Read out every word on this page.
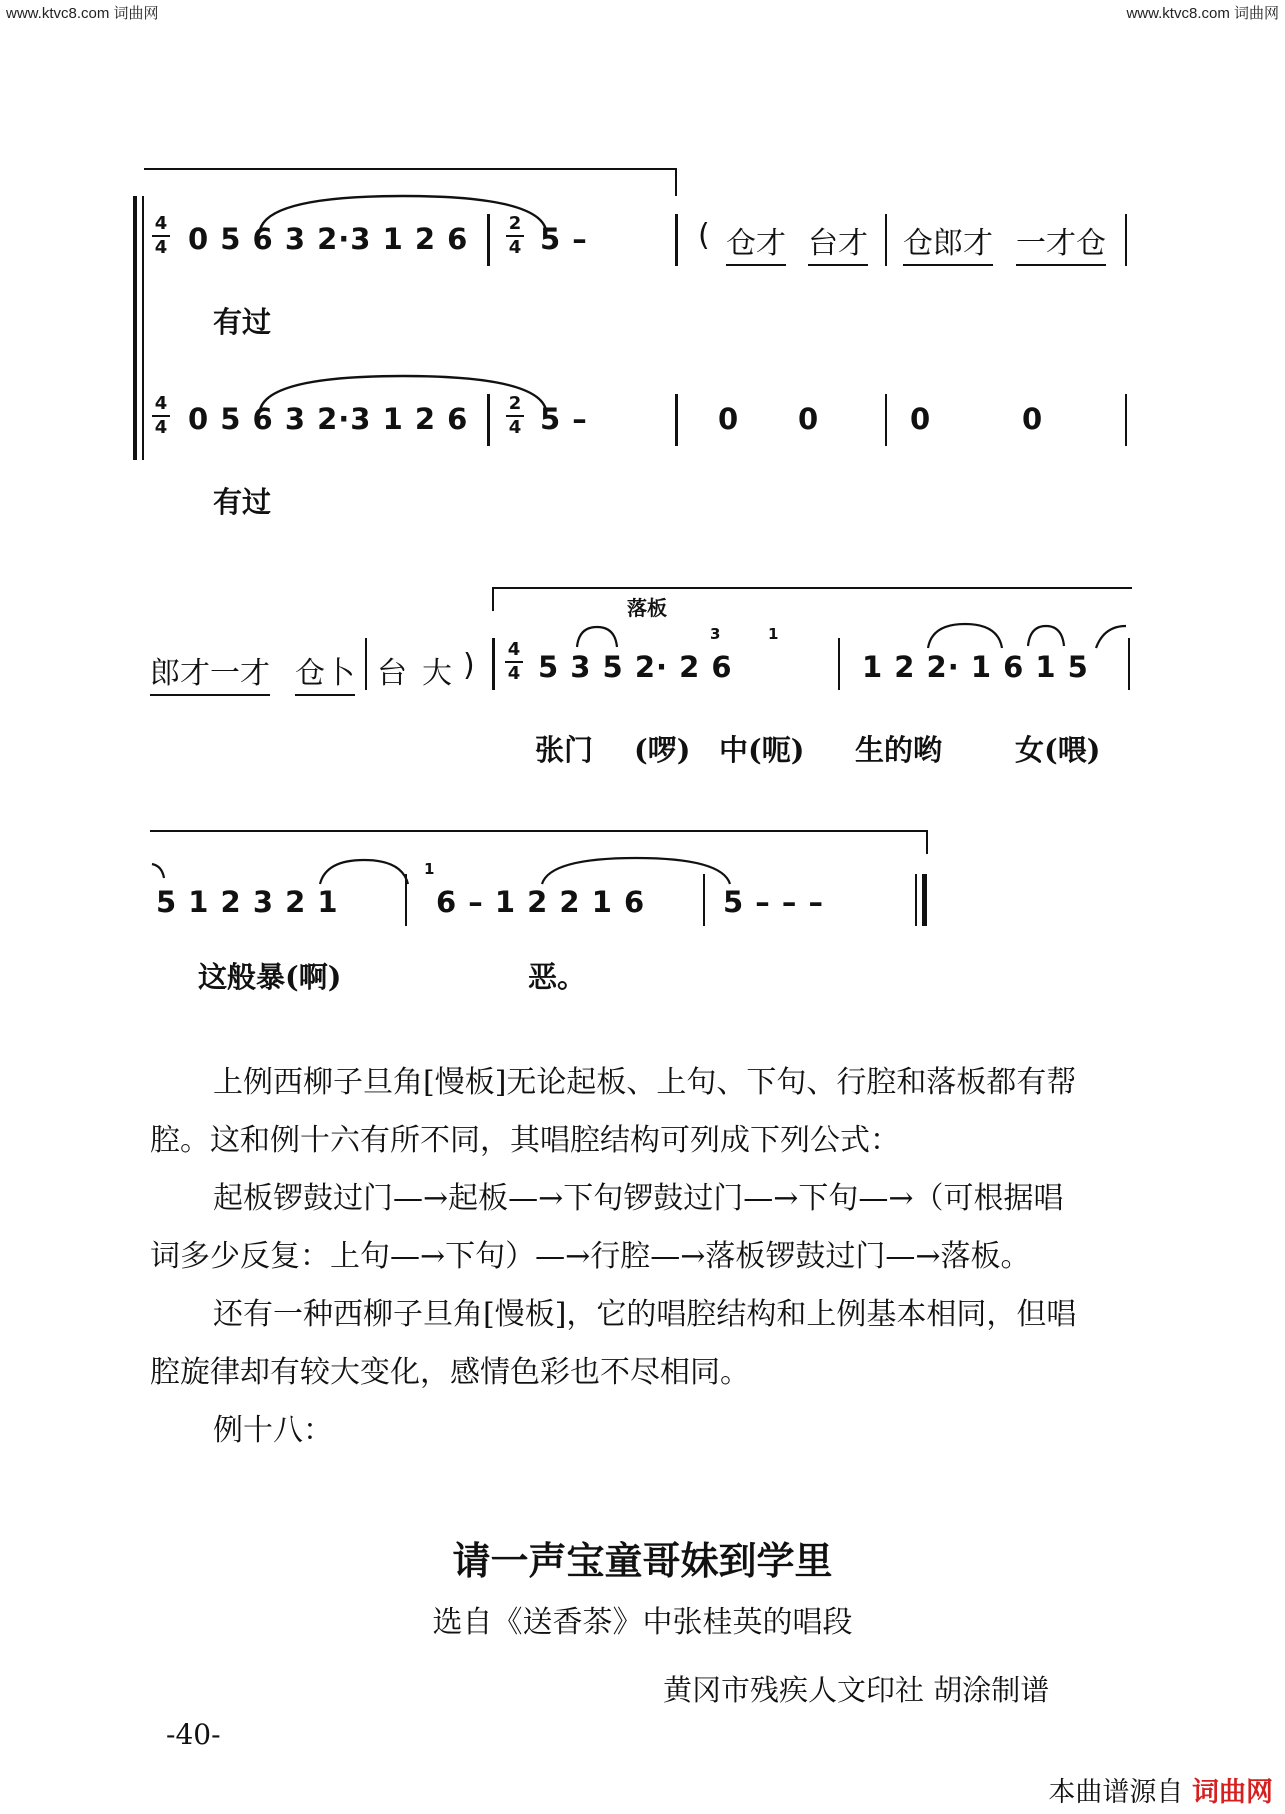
www.ktvc8.com 词曲网	www.ktvc8.com 词曲网
4
4 0 5 6 3 2·3 1 2 6 2
4 5 –	( 仓才 台才 仓郎才 一才仓
有过
4
4 0 5 6 3 2·3 1 2 6 2
4 5 –	0 0	0	0
有过
落板
郎才一才 仓卜 台 大 ) 4
4 5 3 5 2· 2 6
3	1
1 2 2· 1 6 1 5
张门 (啰) 中(呃) 生的哟	女(喂)
5 1 2 3 2 1
1
6 – 1 2 2 1 6	5 – – –
这般暴(啊)	恶。
上例西柳子旦角[慢板]无论起板、上句、下句、行腔和落板都有帮
腔。这和例十六有所不同，其唱腔结构可列成下列公式：
起板锣鼓过门—→起板—→下句锣鼓过门—→下句—→（可根据唱
词多少反复：上句—→下句）—→行腔—→落板锣鼓过门—→落板。
还有一种西柳子旦角[慢板]，它的唱腔结构和上例基本相同，但唱
腔旋律却有较大变化，感情色彩也不尽相同。
例十八：
请一声宝童哥妹到学里
选自《送香茶》中张桂英的唱段
黄冈市残疾人文印社 胡涂制谱
-40-
本曲谱源自 词曲网
